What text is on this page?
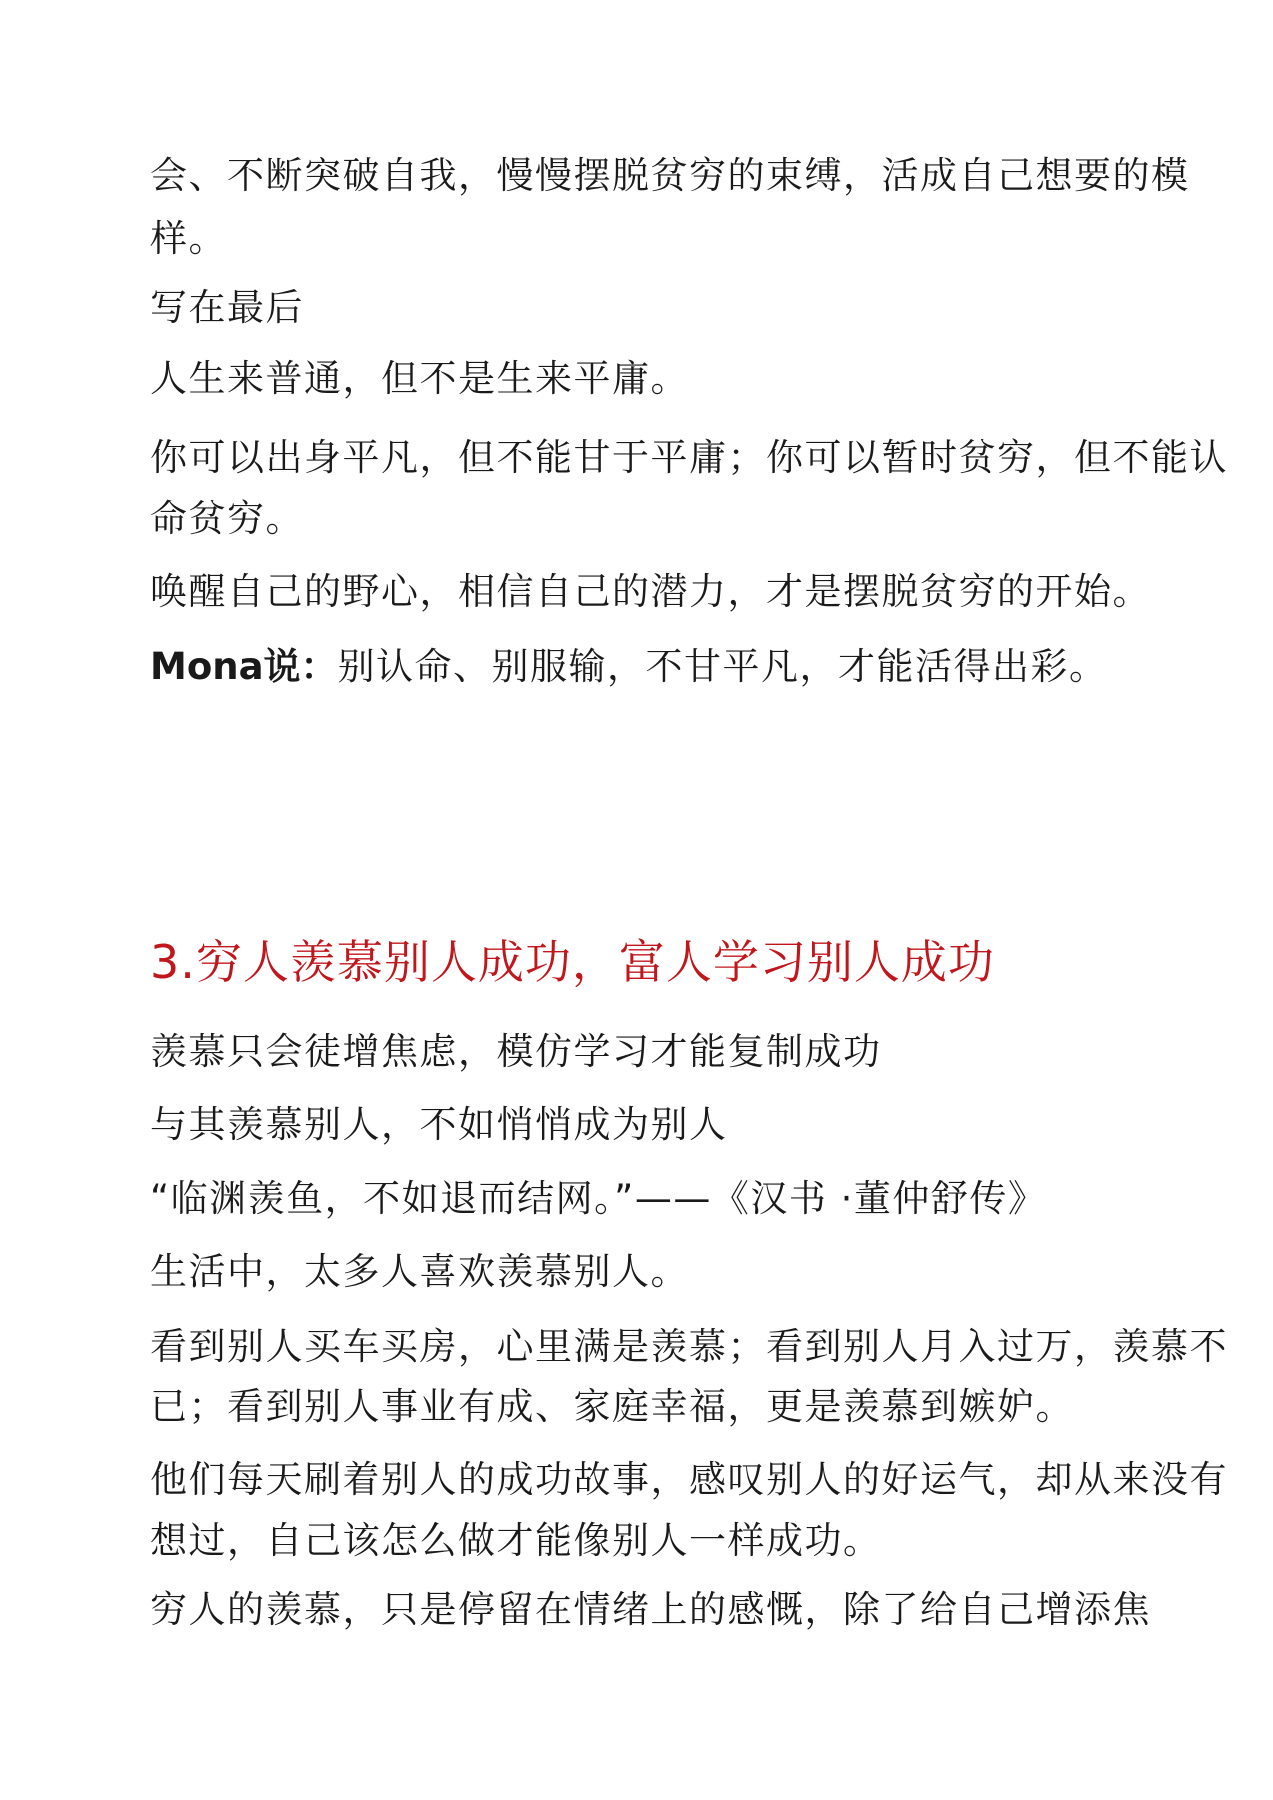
会、不断突破自我，慢慢摆脱贫穷的束缚，活成自己想要的模

样。

写在最后

人生来普通，但不是生来平庸。

你可以出身平凡，但不能甘于平庸；你可以暂时贫穷，但不能认

命贫穷。

唤醒自己的野心，相信自己的潜力，才是摆脱贫穷的开始。

Mona说：别认命、别服输，不甘平凡，才能活得出彩。

3.穷人羡慕别人成功，富人学习别人成功

羡慕只会徒增焦虑，模仿学习才能复制成功

与其羡慕别人，不如悄悄成为别人

“临渊羡鱼，不如退而结网。”——《汉书 ·董仲舒传》

生活中，太多人喜欢羡慕别人。

看到别人买车买房，心里满是羡慕；看到别人月入过万，羡慕不

已；看到别人事业有成、家庭幸福，更是羡慕到嫉妒。

他们每天刷着别人的成功故事，感叹别人的好运气，却从来没有

想过，自己该怎么做才能像别人一样成功。

穷人的羡慕，只是停留在情绪上的感慨，除了给自己增添焦
